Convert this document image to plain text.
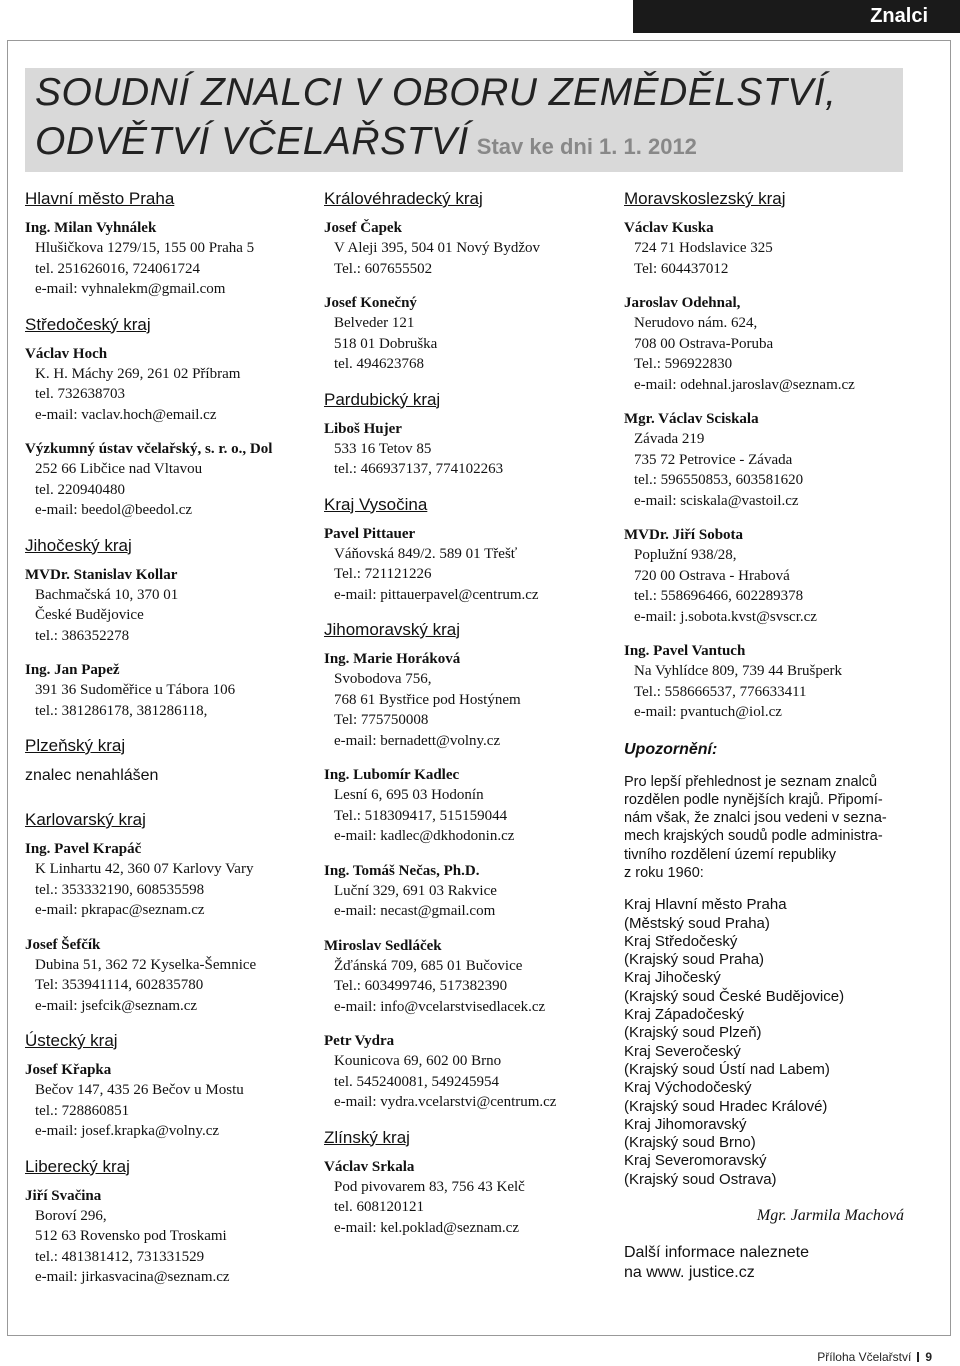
Znalci
SOUDNÍ ZNALCI V OBORU ZEMĚDĚLSTVÍ,
ODVĚTVÍ VČELAŘSTVÍ Stav ke dni 1. 1. 2012
Hlavní město Praha
Ing. Milan Vyhnálek
Hlušičkova 1279/15, 155 00 Praha 5
tel. 251626016, 724061724
e-mail: vyhnalekm@gmail.com
Středočeský kraj
Václav Hoch
K. H. Máchy 269, 261 02 Příbram
tel. 732638703
e-mail: vaclav.hoch@email.cz
Výzkumný ústav včelařský, s. r. o., Dol
252 66 Libčice nad Vltavou
tel. 220940480
e-mail: beedol@beedol.cz
Jihočeský kraj
MVDr. Stanislav Kollar
Bachmačská 10, 370 01
České Budějovice
tel.: 386352278
Ing. Jan Papež
391 36 Sudoměřice u Tábora 106
tel.: 381286178, 381286118,
Plzeňský kraj
znalec nenahlášen
Karlovarský kraj
Ing. Pavel Krapáč
K Linhartu 42, 360 07 Karlovy Vary
tel.: 353332190, 608535598
e-mail: pkrapac@seznam.cz
Josef Šefčík
Dubina 51, 362 72 Kyselka-Šemnice
Tel: 353941114, 602835780
e-mail: jsefcik@seznam.cz
Ústecký kraj
Josef Křapka
Bečov 147, 435 26 Bečov u Mostu
tel.: 728860851
e-mail: josef.krapka@volny.cz
Liberecký kraj
Jiří Svačina
Boroví 296,
512 63 Rovensko pod Troskami
tel.: 481381412, 731331529
e-mail: jirkasvacina@seznam.cz
Královéhradecký kraj
Josef Čapek
V Aleji 395, 504 01 Nový Bydžov
Tel.: 607655502
Josef Konečný
Belveder 121
518 01 Dobruška
tel. 494623768
Pardubický kraj
Liboš Hujer
533 16 Tetov 85
tel.: 466937137, 774102263
Kraj Vysočina
Pavel Pittauer
Váňovská 849/2. 589 01 Třešť
Tel.: 721121226
e-mail: pittauerpavel@centrum.cz
Jihomoravský kraj
Ing. Marie Horáková
Svobodova 756,
768 61 Bystřice pod Hostýnem
Tel: 775750008
e-mail: bernadett@volny.cz
Ing. Lubomír Kadlec
Lesní 6, 695 03 Hodonín
Tel.: 518309417, 515159044
e-mail: kadlec@dkhodonin.cz
Ing. Tomáš Nečas, Ph.D.
Luční 329, 691 03 Rakvice
e-mail: necast@gmail.com
Miroslav Sedláček
Žďánská 709, 685 01 Bučovice
Tel.: 603499746, 517382390
e-mail: info@vcelarstvisedlacek.cz
Petr Vydra
Kounicova 69, 602 00 Brno
tel. 545240081, 549245954
e-mail: vydra.vcelarstvi@centrum.cz
Zlínský kraj
Václav Srkala
Pod pivovarem 83, 756 43 Kelč
tel. 608120121
e-mail: kel.poklad@seznam.cz
Moravskoslezský kraj
Václav Kuska
724 71 Hodslavice 325
Tel: 604437012
Jaroslav Odehnal,
Nerudovo nám. 624,
708 00 Ostrava-Poruba
Tel.: 596922830
e-mail: odehnal.jaroslav@seznam.cz
Mgr. Václav Sciskala
Závada 219
735 72 Petrovice - Závada
tel.: 596550853, 603581620
e-mail: sciskala@vastoil.cz
MVDr. Jiří Sobota
Poplužní 938/28,
720 00 Ostrava - Hrabová
tel.: 558696466, 602289378
e-mail: j.sobota.kvst@svscr.cz
Ing. Pavel Vantuch
Na Vyhlídce 809, 739 44 Brušperk
Tel.: 558666537, 776633411
e-mail: pvantuch@iol.cz
Upozornění:
Pro lepší přehlednost je seznam znalců
rozdělen podle nynějších krajů. Připomí-
nám však, že znalci jsou vedeni v sezna-
mech krajských soudů podle administra-
tivního rozdělení území republiky
z roku 1960:
Kraj Hlavní město Praha
(Městský soud Praha)
Kraj Středočeský
(Krajský soud Praha)
Kraj Jihočeský
(Krajský soud České Budějovice)
Kraj Západočeský
(Krajský soud Plzeň)
Kraj Severočeský
(Krajský soud Ústí nad Labem)
Kraj Východočeský
(Krajský soud Hradec Králové)
Kraj Jihomoravský
(Krajský soud Brno)
Kraj Severomoravský
(Krajský soud Ostrava)
Mgr. Jarmila Machová
Další informace naleznete
na www. justice.cz
Příloha Včelařství 9
